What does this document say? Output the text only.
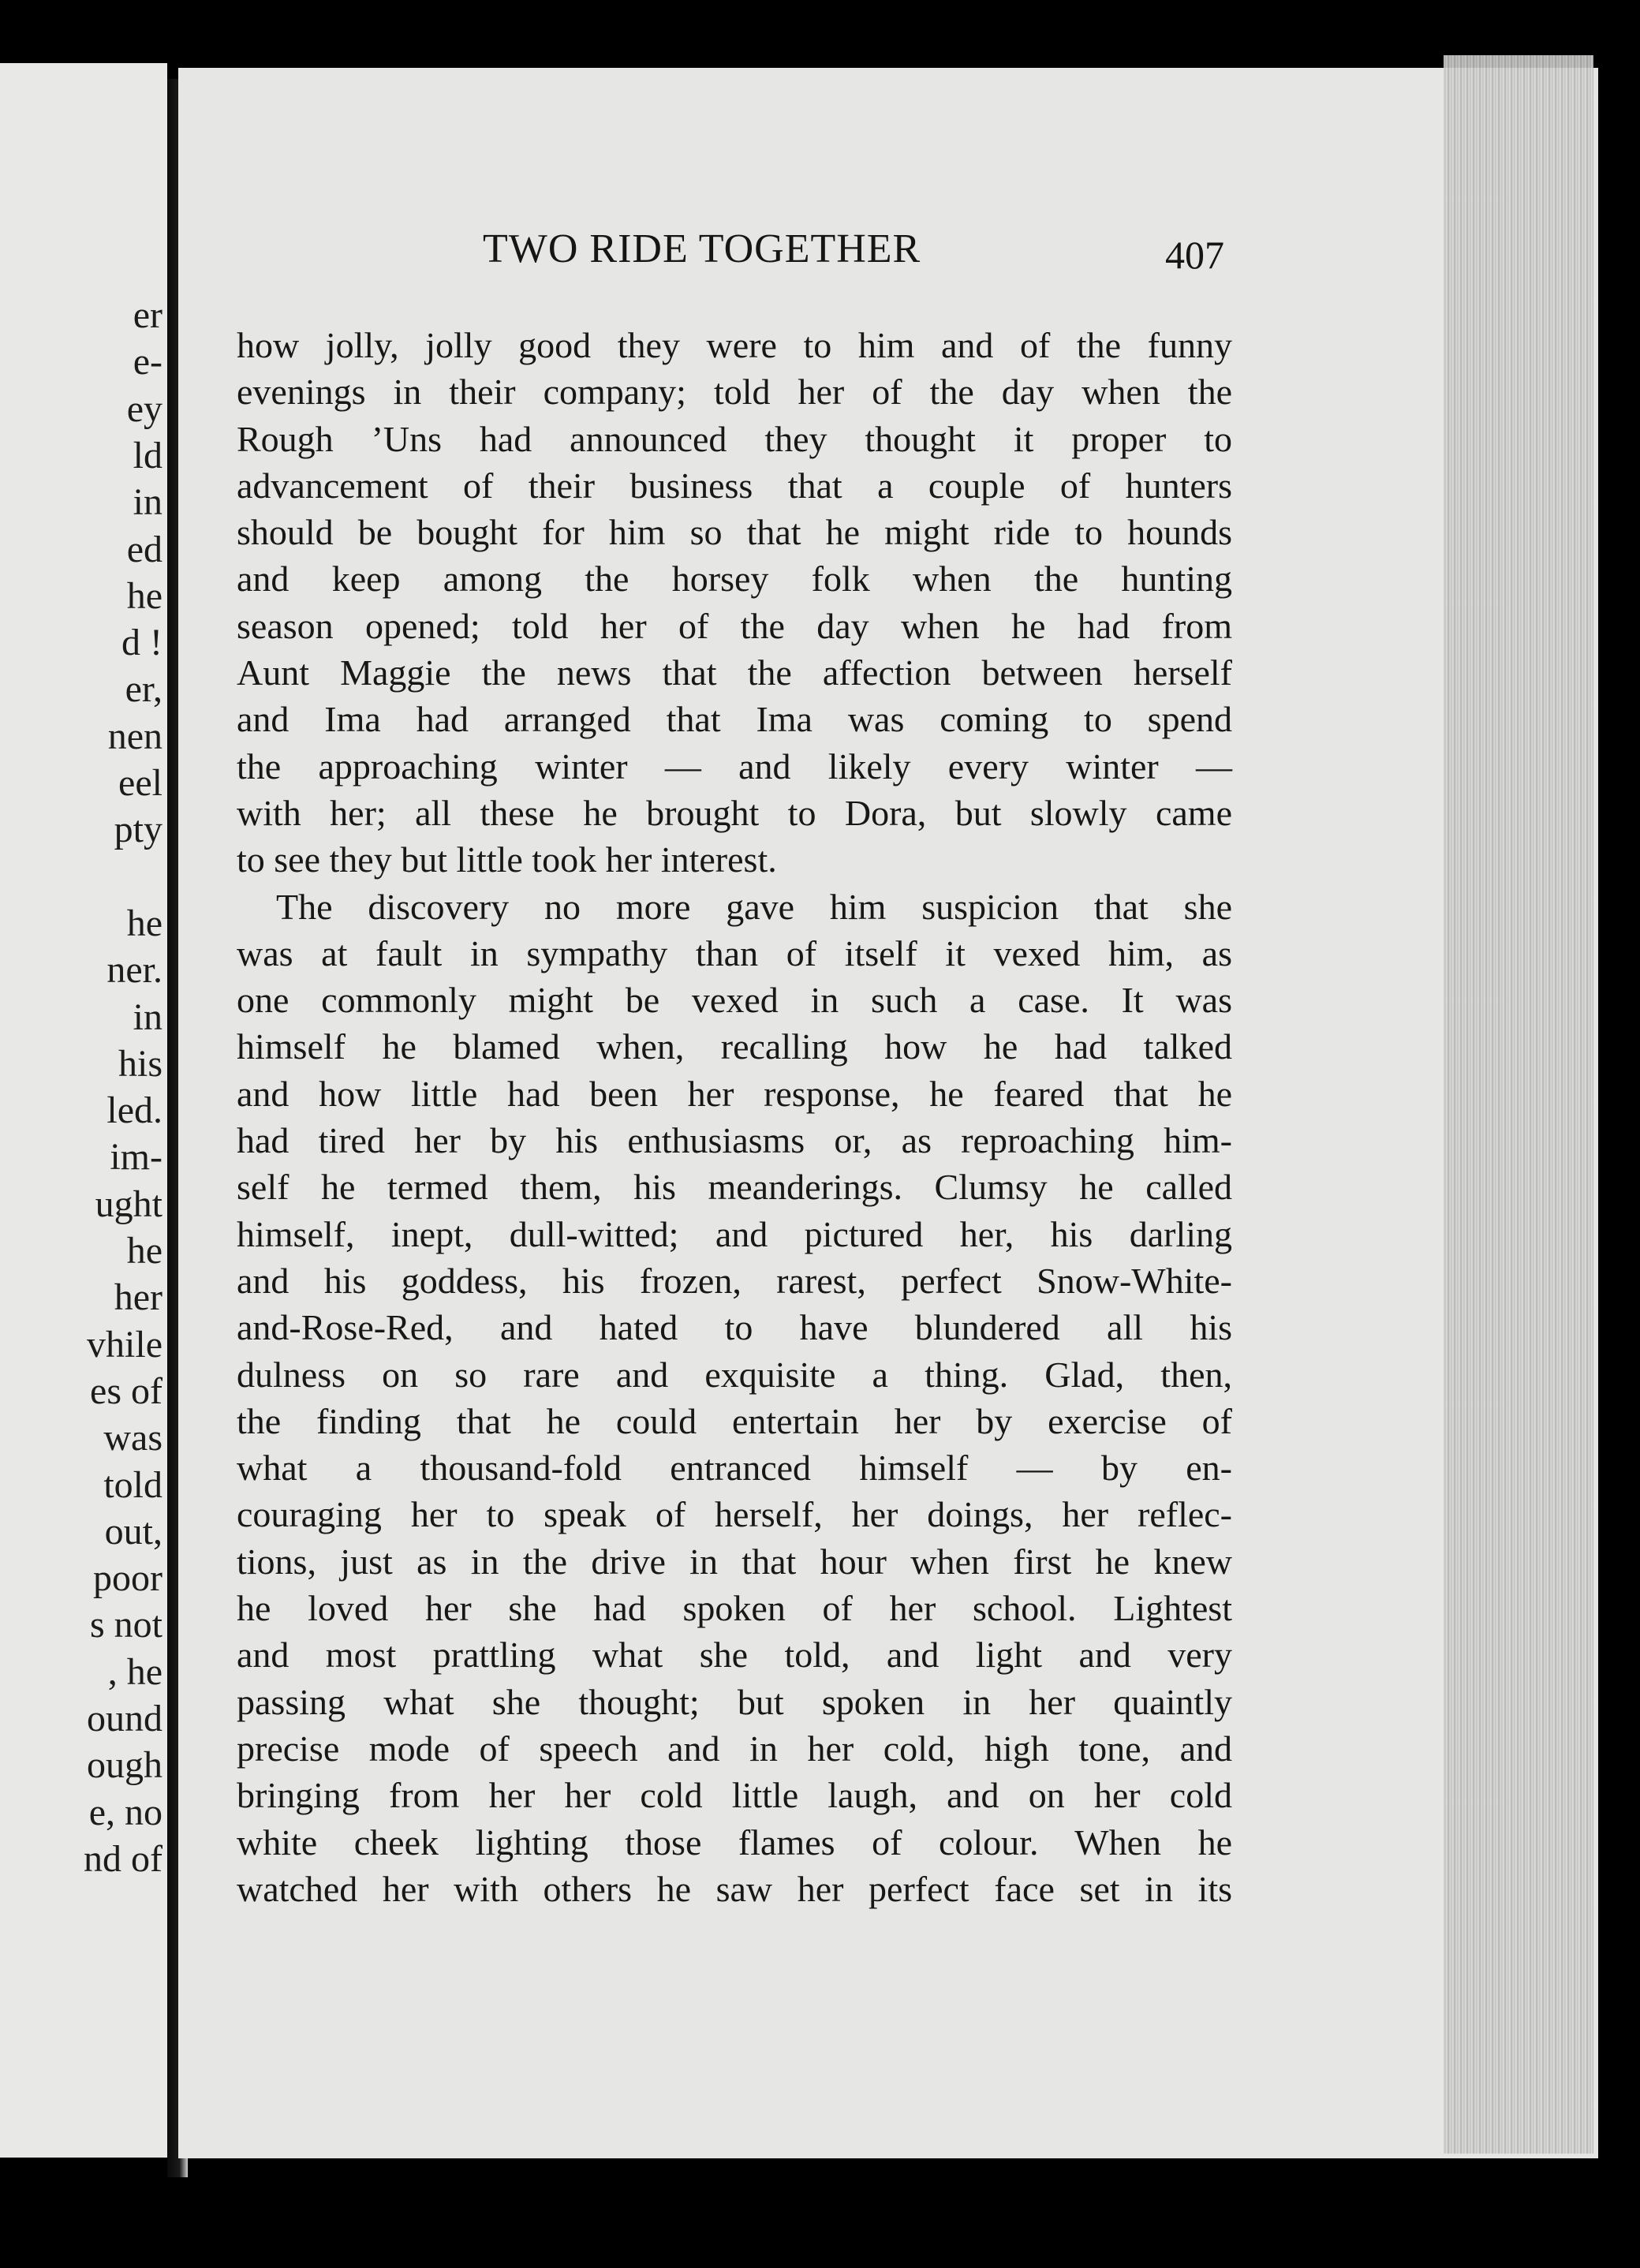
er
e-
ey
ld
in
ed
he
d !
er,
nen
eel
pty
he
ner.
in
his
led.
im-
ught
he
her
vhile
es of
was
told
out,
poor
s not
, he
ound
ough
e, no
nd of
TWO RIDE TOGETHER	407
how jolly, jolly good they were to him and of the funny
evenings in their company; told her of the day when the
Rough ’Uns had announced they thought it proper to
advancement of their business that a couple of hunters
should be bought for him so that he might ride to hounds
and keep among the horsey folk when the hunting
season opened; told her of the day when he had from
Aunt Maggie the news that the affection between herself
and Ima had arranged that Ima was coming to spend
the approaching winter — and likely every winter —
with her; all these he brought to Dora, but slowly came
to see they but little took her interest.
The discovery no more gave him suspicion that she
was at fault in sympathy than of itself it vexed him, as
one commonly might be vexed in such a case. It was
himself he blamed when, recalling how he had talked
and how little had been her response, he feared that he
had tired her by his enthusiasms or, as reproaching him-
self he termed them, his meanderings. Clumsy he called
himself, inept, dull-witted; and pictured her, his darling
and his goddess, his frozen, rarest, perfect Snow-White-
and-Rose-Red, and hated to have blundered all his
dulness on so rare and exquisite a thing. Glad, then,
the finding that he could entertain her by exercise of
what a thousand-fold entranced himself — by en-
couraging her to speak of herself, her doings, her reflec-
tions, just as in the drive in that hour when first he knew
he loved her she had spoken of her school. Lightest
and most prattling what she told, and light and very
passing what she thought; but spoken in her quaintly
precise mode of speech and in her cold, high tone, and
bringing from her her cold little laugh, and on her cold
white cheek lighting those flames of colour. When he
watched her with others he saw her perfect face set in its
